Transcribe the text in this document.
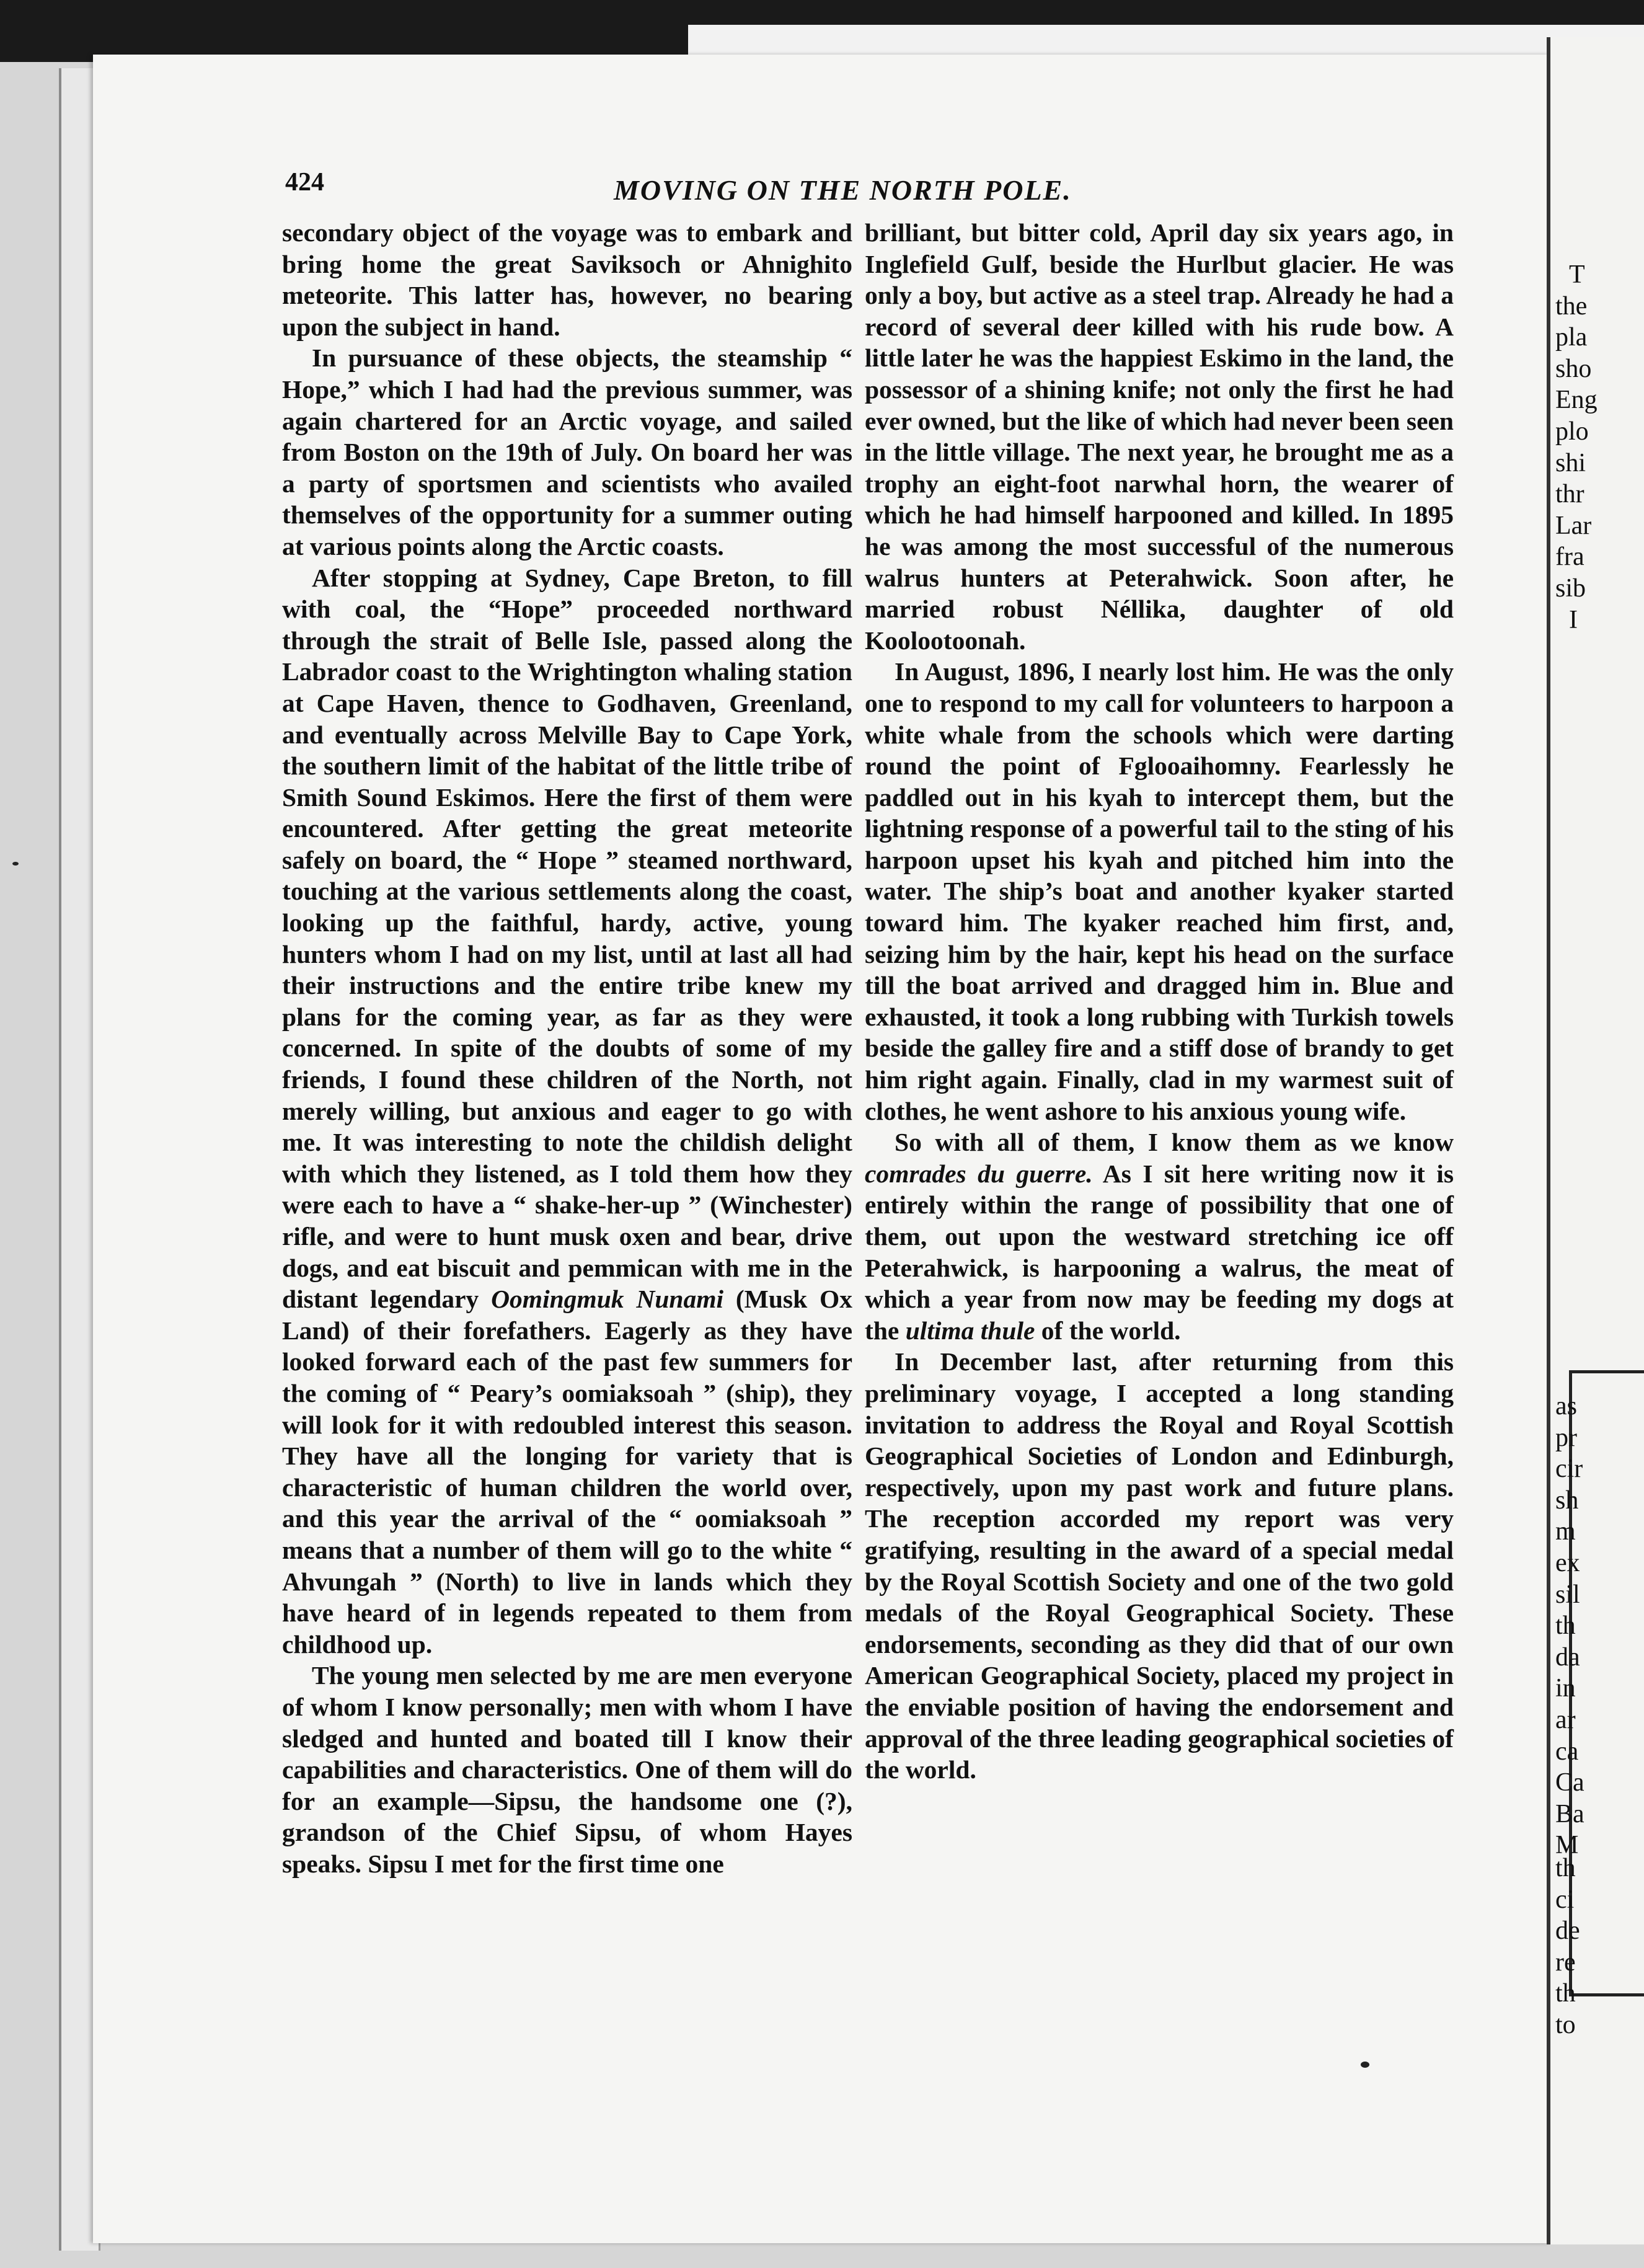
424	MOVING ON THE NORTH POLE.

secondary object of the voyage was to embark and bring home the great Saviksoch or Ahnighito meteorite. This latter has, however, no bearing upon the subject in hand.

In pursuance of these objects, the steamship “ Hope,” which I had had the previous summer, was again chartered for an Arctic voyage, and sailed from Boston on the 19th of July. On board her was a party of sportsmen and scientists who availed themselves of the opportunity for a summer outing at various points along the Arctic coasts.

After stopping at Sydney, Cape Breton, to fill with coal, the “Hope” proceeded northward through the strait of Belle Isle, passed along the Labrador coast to the Wrightington whaling station at Cape Haven, thence to Godhaven, Greenland, and eventually across Melville Bay to Cape York, the southern limit of the habitat of the little tribe of Smith Sound Eskimos. Here the first of them were encountered. After getting the great meteorite safely on board, the “ Hope ” steamed northward, touching at the various settlements along the coast, looking up the faithful, hardy, active, young hunters whom I had on my list, until at last all had their instructions and the entire tribe knew my plans for the coming year, as far as they were concerned. In spite of the doubts of some of my friends, I found these children of the North, not merely willing, but anxious and eager to go with me. It was interesting to note the childish delight with which they listened, as I told them how they were each to have a “ shake-her-up ” (Winchester) rifle, and were to hunt musk oxen and bear, drive dogs, and eat biscuit and pemmican with me in the distant legendary Oomingmuk Nunami (Musk Ox Land) of their forefathers. Eagerly as they have looked forward each of the past few summers for the coming of “ Peary’s oomiaksoah ” (ship), they will look for it with redoubled interest this season. They have all the longing for variety that is characteristic of human children the world over, and this year the arrival of the “ oomiaksoah ” means that a number of them will go to the white “ Ahvungah ” (North) to live in lands which they have heard of in legends repeated to them from childhood up.

The young men selected by me are men everyone of whom I know personally; men with whom I have sledged and hunted and boated till I know their capabilities and characteristics. One of them will do for an example—Sipsu, the handsome one (?), grandson of the Chief Sipsu, of whom Hayes speaks. Sipsu I met for the first time one

brilliant, but bitter cold, April day six years ago, in Inglefield Gulf, beside the Hurlbut glacier. He was only a boy, but active as a steel trap. Already he had a record of several deer killed with his rude bow. A little later he was the happiest Eskimo in the land, the possessor of a shining knife; not only the first he had ever owned, but the like of which had never been seen in the little village. The next year, he brought me as a trophy an eight-foot narwhal horn, the wearer of which he had himself harpooned and killed. In 1895 he was among the most successful of the numerous walrus hunters at Peterahwick. Soon after, he married robust Néllika, daughter of old Koolootoonah.

In August, 1896, I nearly lost him. He was the only one to respond to my call for volunteers to harpoon a white whale from the schools which were darting round the point of Fglooaihomny. Fearlessly he paddled out in his kyah to intercept them, but the lightning response of a powerful tail to the sting of his harpoon upset his kyah and pitched him into the water. The ship’s boat and another kyaker started toward him. The kyaker reached him first, and, seizing him by the hair, kept his head on the surface till the boat arrived and dragged him in. Blue and exhausted, it took a long rubbing with Turkish towels beside the galley fire and a stiff dose of brandy to get him right again. Finally, clad in my warmest suit of clothes, he went ashore to his anxious young wife.

So with all of them, I know them as we know comrades du guerre. As I sit here writing now it is entirely within the range of possibility that one of them, out upon the westward stretching ice off Peterahwick, is harpooning a walrus, the meat of which a year from now may be feeding my dogs at the ultima thule of the world.

In December last, after returning from this preliminary voyage, I accepted a long standing invitation to address the Royal and Royal Scottish Geographical Societies of London and Edinburgh, respectively, upon my past work and future plans. The reception accorded my report was very gratifying, resulting in the award of a special medal by the Royal Scottish Society and one of the two gold medals of the Royal Geographical Society. These endorsements, seconding as they did that of our own American Geographical Society, placed my project in the enviable position of having the endorsement and approval of the three leading geographical societies of the world.

T
the
pla
sho
Eng
plo
shi
thr
Lar
fra
sib
I
as
pr
cir
sh
m
ex
sil
th
da
in
ar
ca
Ca
Ba
M
th
ci
de
re
th
to
